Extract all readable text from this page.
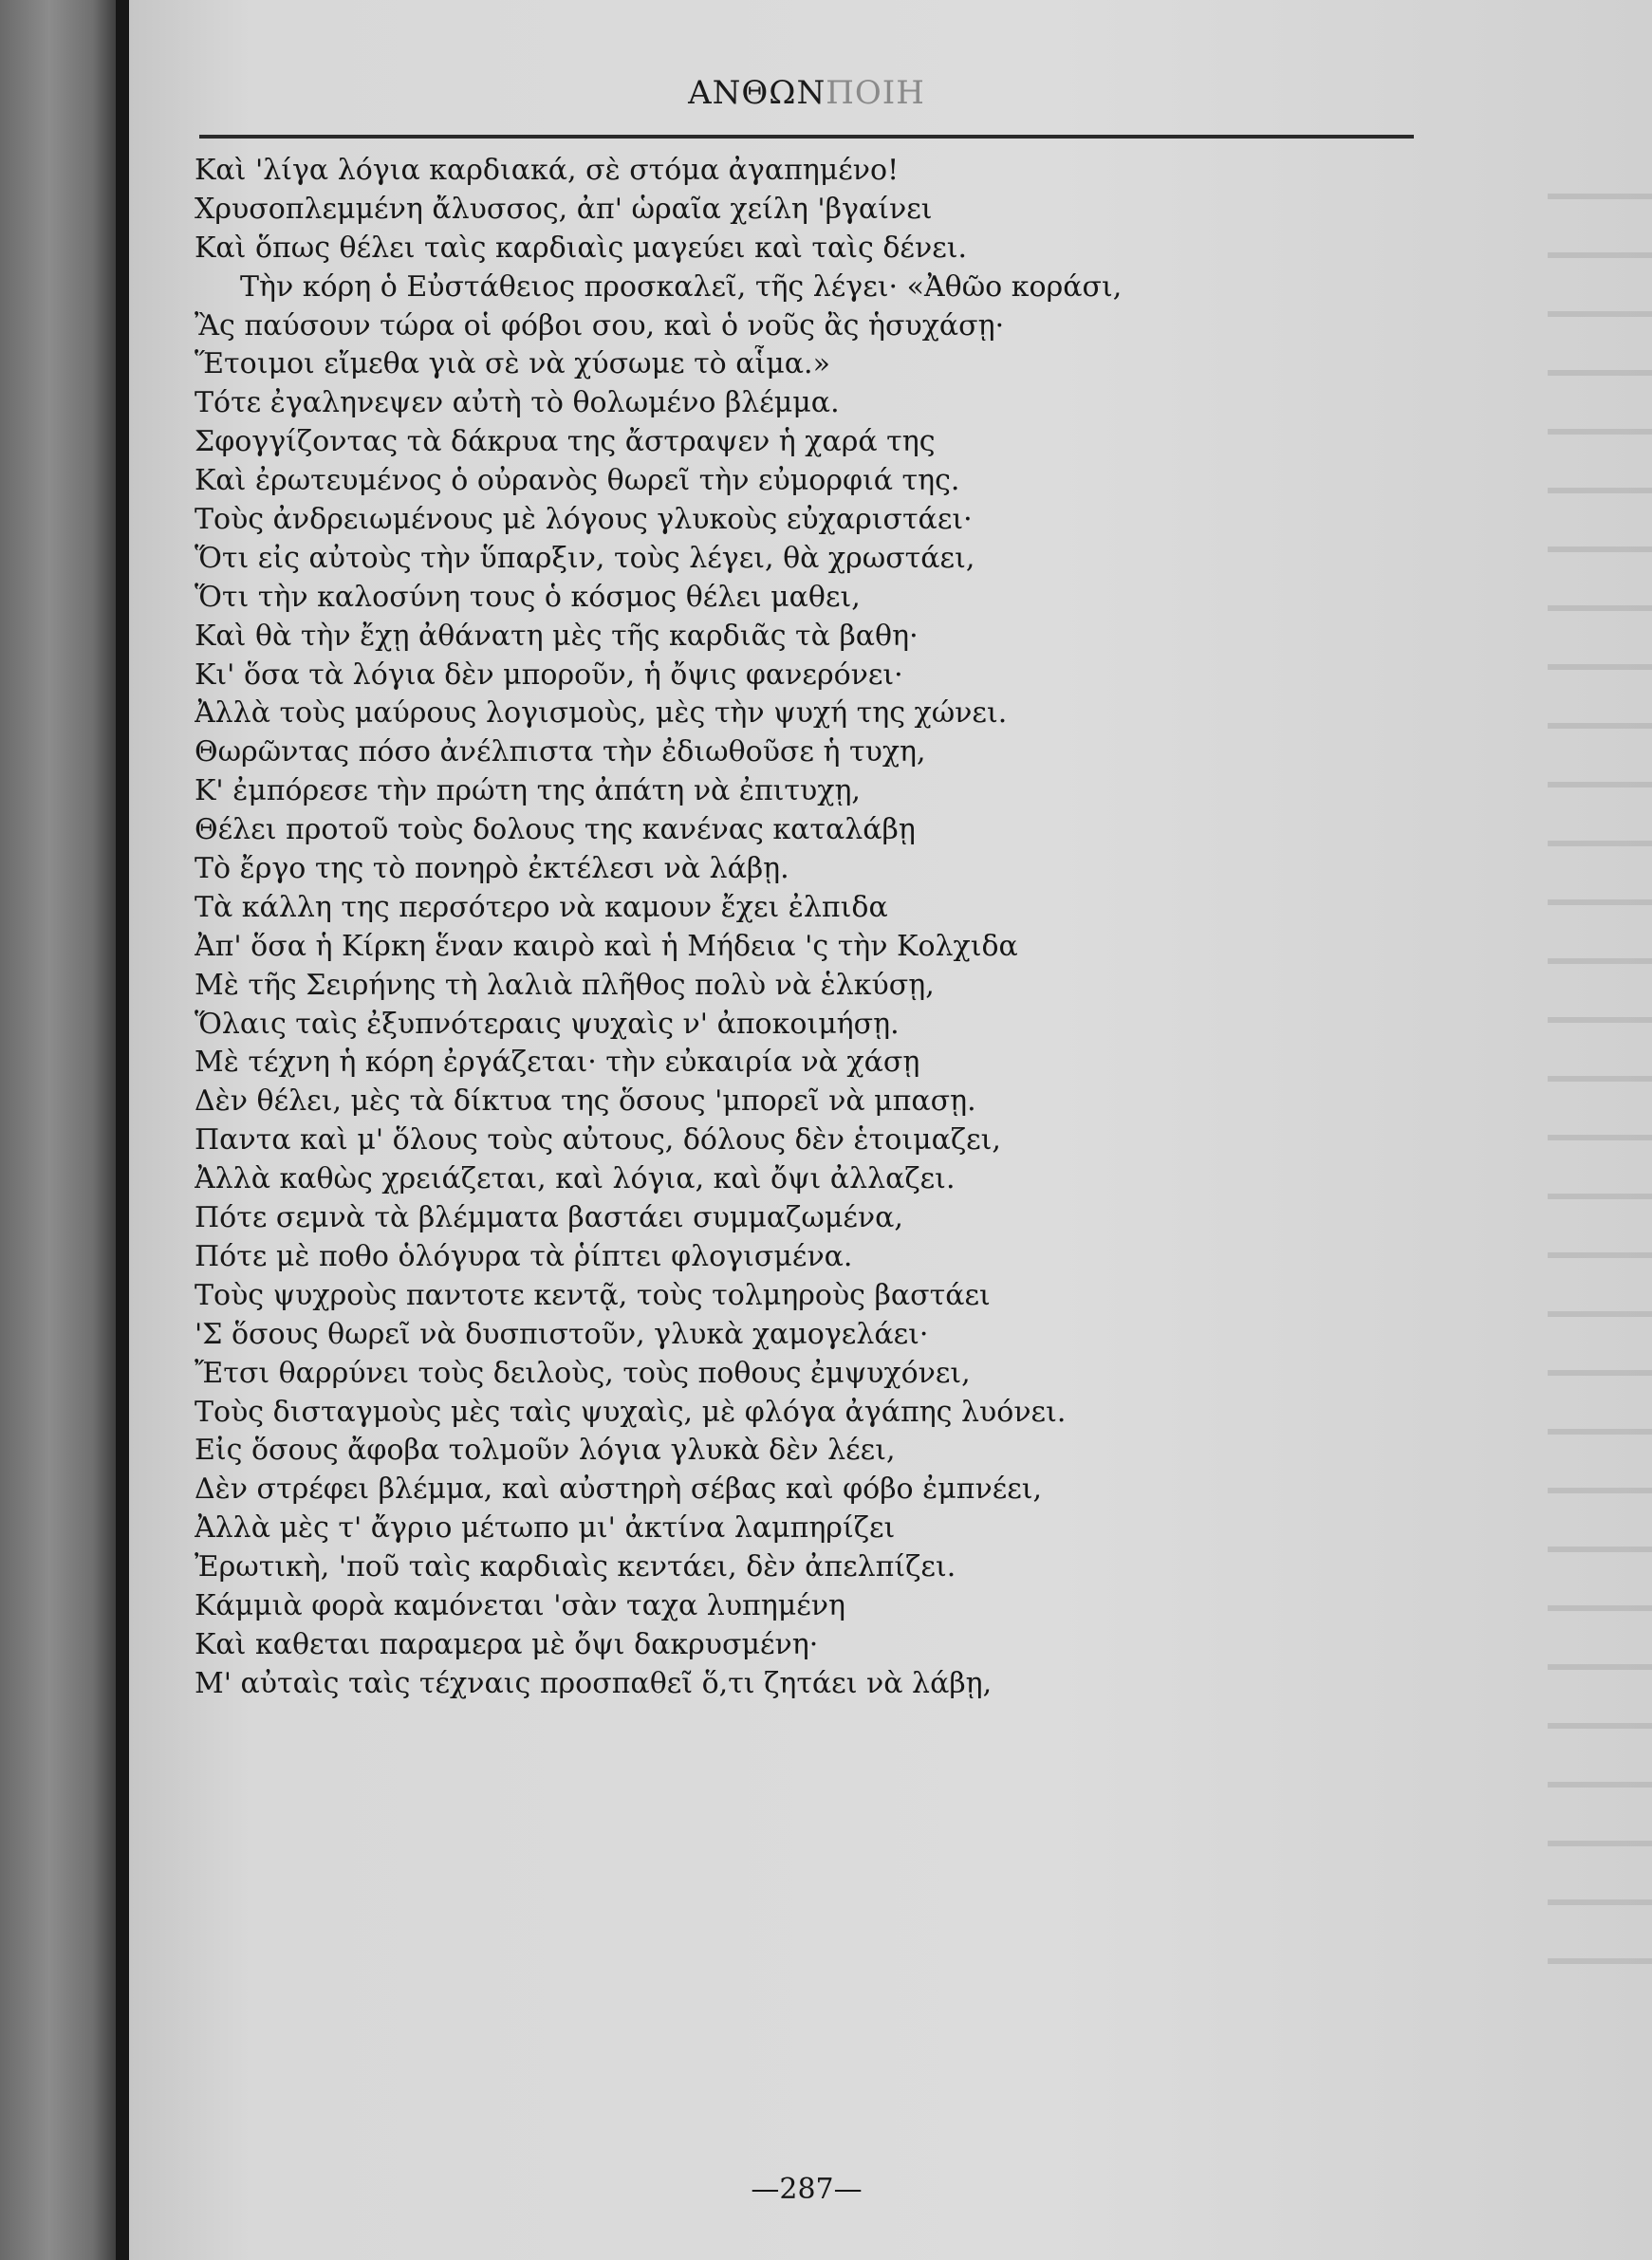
ΑΝΘΩΝΠΟΙΗ
Καὶ 'λίγα λόγια καρδιακά, σὲ στόμα ἀγαπημένο!
Χρυσοπλεμμένη ἄλυσσος, ἀπ' ὡραῖα χείλη 'βγαίνει
Καὶ ὅπως θέλει ταὶς καρδιαὶς μαγεύει καὶ ταὶς δένει.
Τὴν κόρη ὁ Εὐστάθειος προσκαλεῖ, τῆς λέγει· «Ἀθῶο κοράσι,
Ἂς παύσουν τώρα οἱ φόβοι σου, καὶ ὁ νοῦς ἂς ἡσυχάσῃ·
Ἕτοιμοι εἴμεθα γιὰ σὲ νὰ χύσωμε τὸ αἷμα.»
Τότε ἐγαληνεψεν αὐτὴ τὸ θολωμένο βλέμμα.
Σφογγίζοντας τὰ δάκρυα της ἄστραψεν ἡ χαρά της
Καὶ ἐρωτευμένος ὁ οὐρανὸς θωρεῖ τὴν εὐμορφιά της.
Τοὺς ἀνδρειωμένους μὲ λόγους γλυκοὺς εὐχαριστάει·
Ὅτι εἰς αὐτοὺς τὴν ὕπαρξιν, τοὺς λέγει, θὰ χρωστάει,
Ὅτι τὴν καλοσύνη τους ὁ κόσμος θέλει μαθει,
Καὶ θὰ τὴν ἔχῃ ἀθάνατη μὲς τῆς καρδιᾶς τὰ βαθη·
Κι' ὅσα τὰ λόγια δὲν μποροῦν, ἡ ὄψις φανερόνει·
Ἀλλὰ τοὺς μαύρους λογισμοὺς, μὲς τὴν ψυχή της χώνει.
Θωρῶντας πόσο ἀνέλπιστα τὴν ἐδιωθοῦσε ἡ τυχη,
Κ' ἐμπόρεσε τὴν πρώτη της ἀπάτη νὰ ἐπιτυχῃ,
Θέλει προτοῦ τοὺς δολους της κανένας καταλάβῃ
Τὸ ἔργο της τὸ πονηρὸ ἐκτέλεσι νὰ λάβῃ.
Τὰ κάλλη της περσότερο νὰ καμουν ἔχει ἐλπιδα
Ἀπ' ὅσα ἡ Κίρκη ἕναν καιρὸ καὶ ἡ Μήδεια 'ς τὴν Κολχιδα
Μὲ τῆς Σειρήνης τὴ λαλιὰ πλῆθος πολὺ νὰ ἑλκύσῃ,
Ὅλαις ταὶς ἐξυπνότεραις ψυχαὶς ν' ἀποκοιμήσῃ.
Μὲ τέχνη ἡ κόρη ἐργάζεται· τὴν εὐκαιρία νὰ χάσῃ
Δὲν θέλει, μὲς τὰ δίκτυα της ὅσους 'μπορεῖ νὰ μπασῃ.
Παντα καὶ μ' ὅλους τοὺς αὐτους, δόλους δὲν ἑτοιμαζει,
Ἀλλὰ καθὼς χρειάζεται, καὶ λόγια, καὶ ὄψι ἀλλαζει.
Πότε σεμνὰ τὰ βλέμματα βαστάει συμμαζωμένα,
Πότε μὲ ποθο ὁλόγυρα τὰ ῥίπτει φλογισμένα.
Τοὺς ψυχροὺς παντοτε κεντᾷ, τοὺς τολμηροὺς βαστάει
'Σ ὅσους θωρεῖ νὰ δυσπιστοῦν, γλυκὰ χαμογελάει·
Ἔτσι θαρρύνει τοὺς δειλοὺς, τοὺς ποθους ἐμψυχόνει,
Τοὺς δισταγμοὺς μὲς ταὶς ψυχαὶς, μὲ φλόγα ἀγάπης λυόνει.
Εἰς ὅσους ἄφοβα τολμοῦν λόγια γλυκὰ δὲν λέει,
Δὲν στρέφει βλέμμα, καὶ αὐστηρὴ σέβας καὶ φόβο ἐμπνέει,
Ἀλλὰ μὲς τ' ἄγριο μέτωπο μι' ἀκτίνα λαμπηρίζει
Ἐρωτικὴ, 'ποῦ ταὶς καρδιαὶς κεντάει, δὲν ἀπελπίζει.
Κάμμιὰ φορὰ καμόνεται 'σὰν ταχα λυπημένη
Καὶ καθεται παραμερα μὲ ὄψι δακρυσμένη·
Μ' αὐταὶς ταὶς τέχναις προσπαθεῖ ὅ,τι ζητάει νὰ λάβῃ,
—287—
